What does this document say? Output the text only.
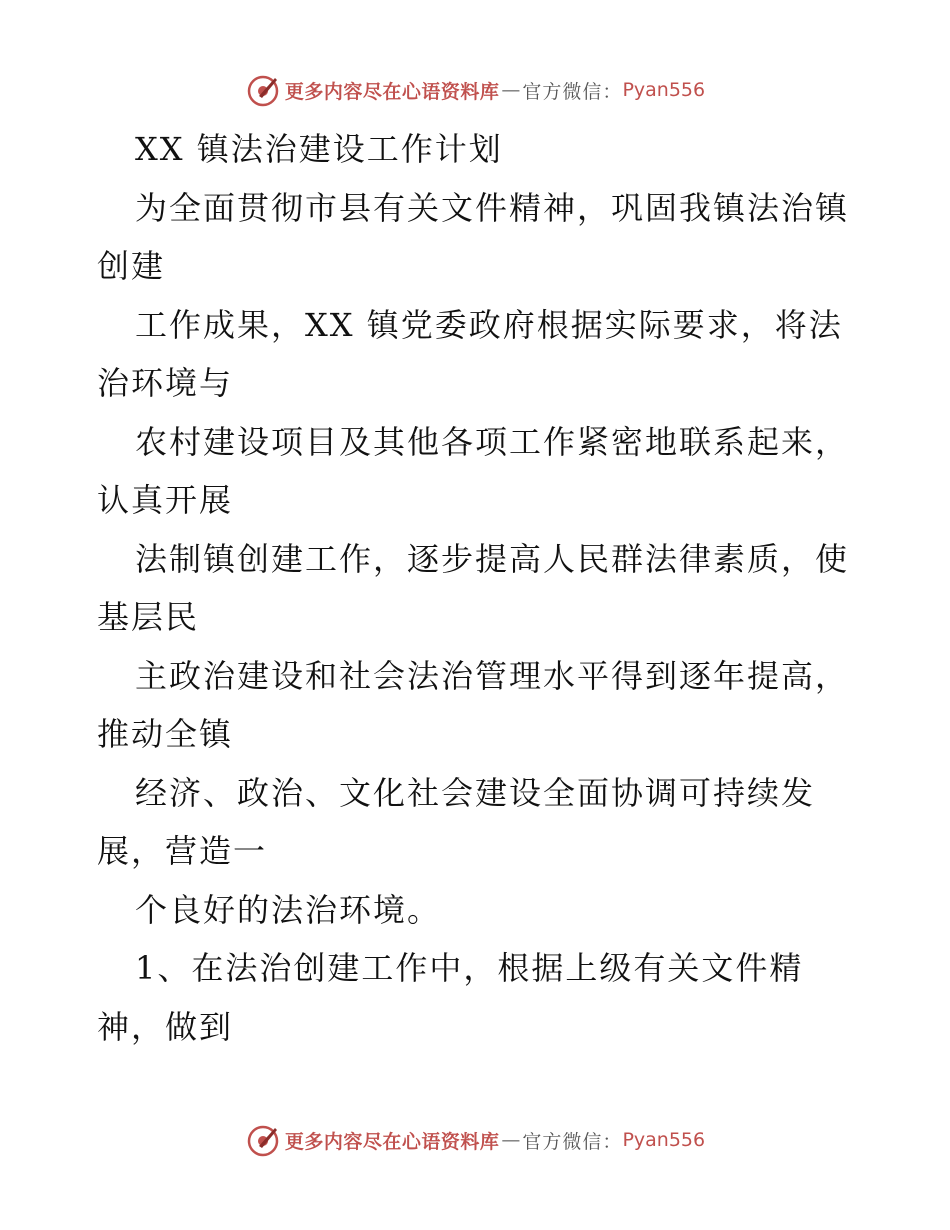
更多内容尽在心语资料库 — 官方微信： Pyan556
XX 镇法治建设工作计划
为全面贯彻市县有关文件精神，巩固我镇法治镇
创建
工作成果，XX 镇党委政府根据实际要求，将法
治环境与
农村建设项目及其他各项工作紧密地联系起来，
认真开展
法制镇创建工作，逐步提高人民群法律素质，使
基层民
主政治建设和社会法治管理水平得到逐年提高，
推动全镇
经济、政治、文化社会建设全面协调可持续发
展，营造一
个良好的法治环境。
1、在法治创建工作中，根据上级有关文件精
神，做到
更多内容尽在心语资料库 — 官方微信： Pyan556
